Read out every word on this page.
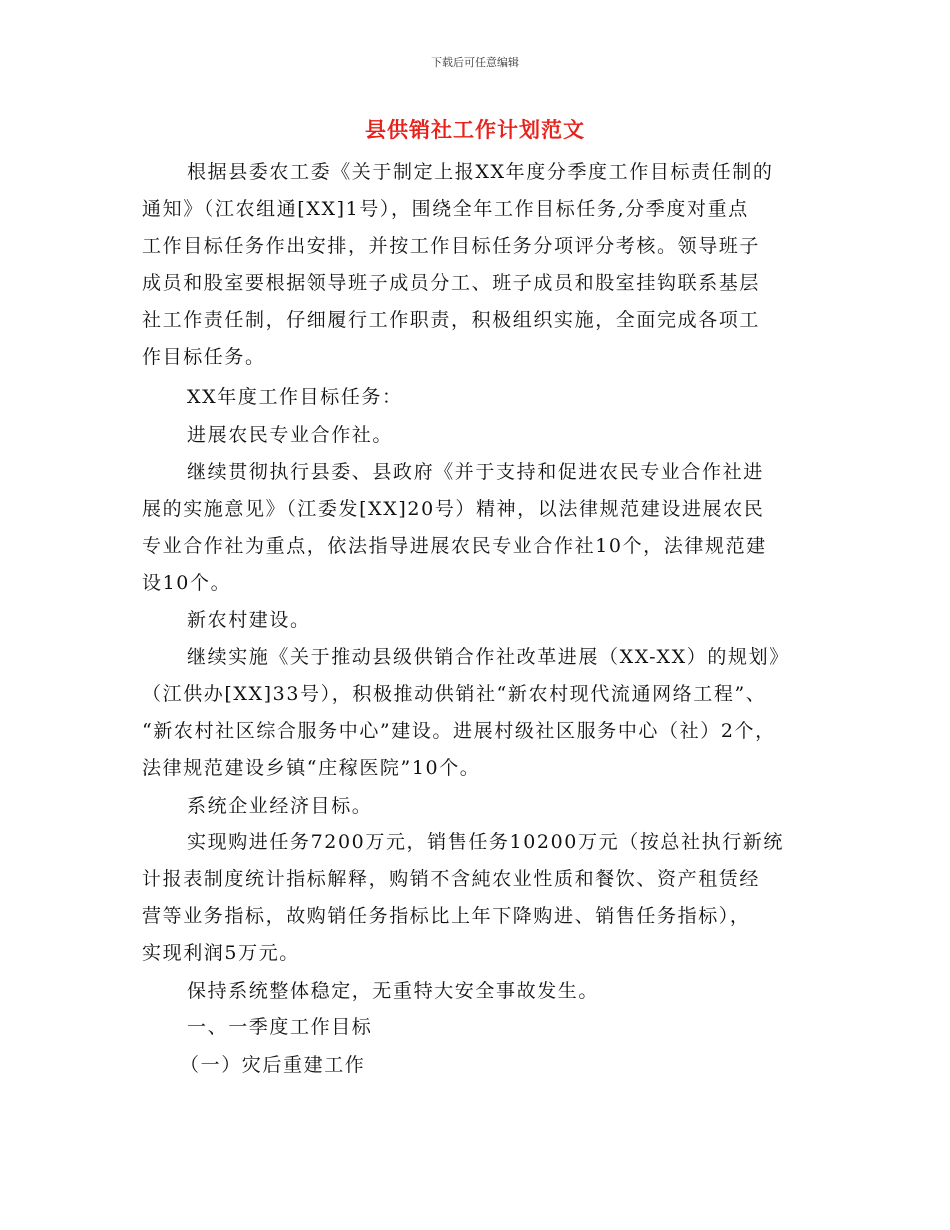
下载后可任意编辑
县供销社工作计划范文
根据县委农工委《关于制定上报XX年度分季度工作目标责任制的
通知》（江农组通[XX]1号），围绕全年工作目标任务,分季度对重点
工作目标任务作出安排，并按工作目标任务分项评分考核。领导班子
成员和股室要根据领导班子成员分工、班子成员和股室挂钩联系基层
社工作责任制，仔细履行工作职责，积极组织实施，全面完成各项工
作目标任务。
XX年度工作目标任务：
进展农民专业合作社。
继续贯彻执行县委、县政府《并于支持和促进农民专业合作社进
展的实施意见》（江委发[XX]20号）精神，以法律规范建设进展农民
专业合作社为重点，依法指导进展农民专业合作社10个，法律规范建
设10个。
新农村建设。
继续实施《关于推动县级供销合作社改革进展（XX-XX）的规划》
（江供办[XX]33号），积极推动供销社“新农村现代流通网络工程”、
“新农村社区综合服务中心”建设。进展村级社区服务中心（社）2个，
法律规范建设乡镇“庄稼医院”10个。
系统企业经济目标。
实现购进任务7200万元，销售任务10200万元（按总社执行新统
计报表制度统计指标解释，购销不含純农业性质和餐饮、资产租赁经
营等业务指标，故购销任务指标比上年下降购进、销售任务指标），
实现利润5万元。
保持系统整体稳定，无重特大安全事故发生。
一、一季度工作目标
（一）灾后重建工作
